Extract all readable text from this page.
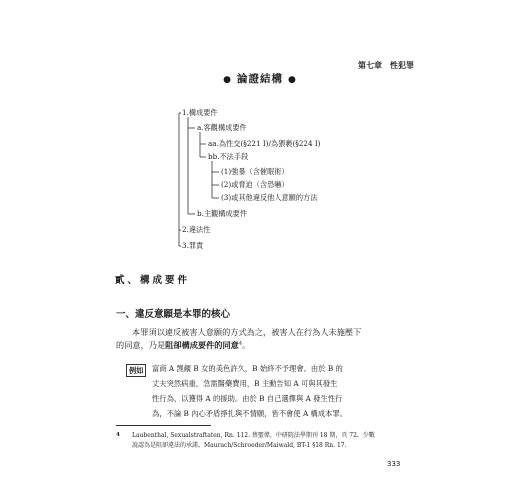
第七章　性犯罪
● 論證結構 ●
1.構成要件
a.客觀構成要件
aa.為性交(§221 I)/為猥褻(§224 I)
bb.不法手段
(1)強暴（含催眠術）
(2)或脅迫（含恐嚇）
(3)或其他違反他人意願的方法
b.主觀構成要件
2.違法性
3.罪責
貳、構成要件
一、違反意願是本罪的核心
本罪須以違反被害人意願的方式為之，被害人在行為人未施壓下
的同意，乃是阻卻構成要件的同意$^4$。
例如	富商 A 觊覦 B 女的美色許久，B 始終不予理會。由於 B 的
丈夫突然病重，急需醫藥費用，B 主動告知 A 可與其發生
性行為，以獲得 A 的援助。由於 B 自己選擇與 A 發生性行
為，不論 B 內心矛盾掙扎與不情願，皆不會使 A 構成本罪。
4 Laubenthal, Sexualstraftaten, Rn. 112. 蔡聖偉，中研院法學期刊 18 期，頁 72，少數
說認為是阻卻違法的承諾，Maurach/Schroeder/Maiwald, BT-1 §18 Rn. 17.
333
